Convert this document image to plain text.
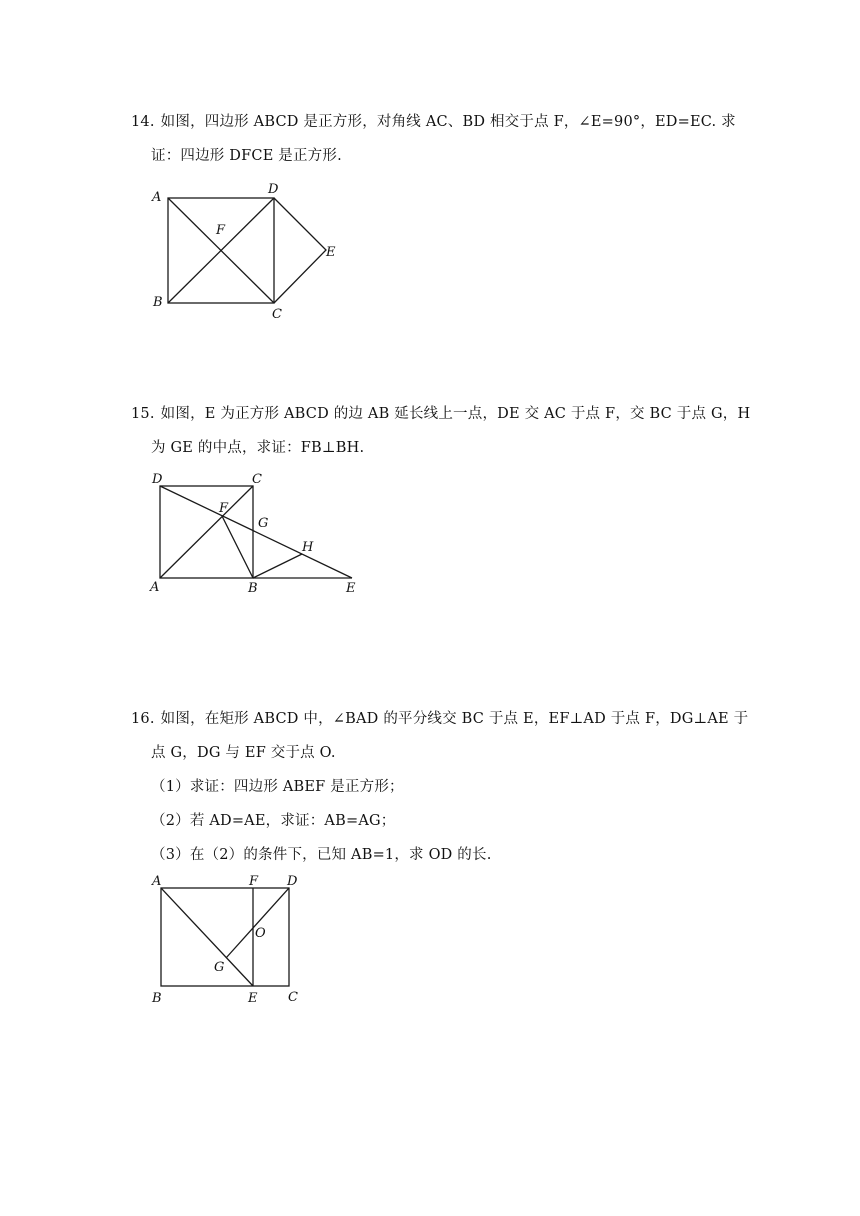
14. 如图，四边形 ABCD 是正方形，对角线 AC、BD 相交于点 F，∠E=90°，ED=EC. 求
证：四边形 DFCE 是正方形.
A
D
F
E
B
C
15. 如图，E 为正方形 ABCD 的边 AB 延长线上一点，DE 交 AC 于点 F，交 BC 于点 G，H
为 GE 的中点，求证：FB⊥BH.
D	C
F
G
H
A	B	E
16. 如图，在矩形 ABCD 中，∠BAD 的平分线交 BC 于点 E，EF⊥AD 于点 F，DG⊥AE 于
点 G，DG 与 EF 交于点 O.
（1）求证：四边形 ABEF 是正方形；
（2）若 AD=AE，求证：AB=AG；
（3）在（2）的条件下，已知 AB=1，求 OD 的长.
A	F D
O
G
B	E C
